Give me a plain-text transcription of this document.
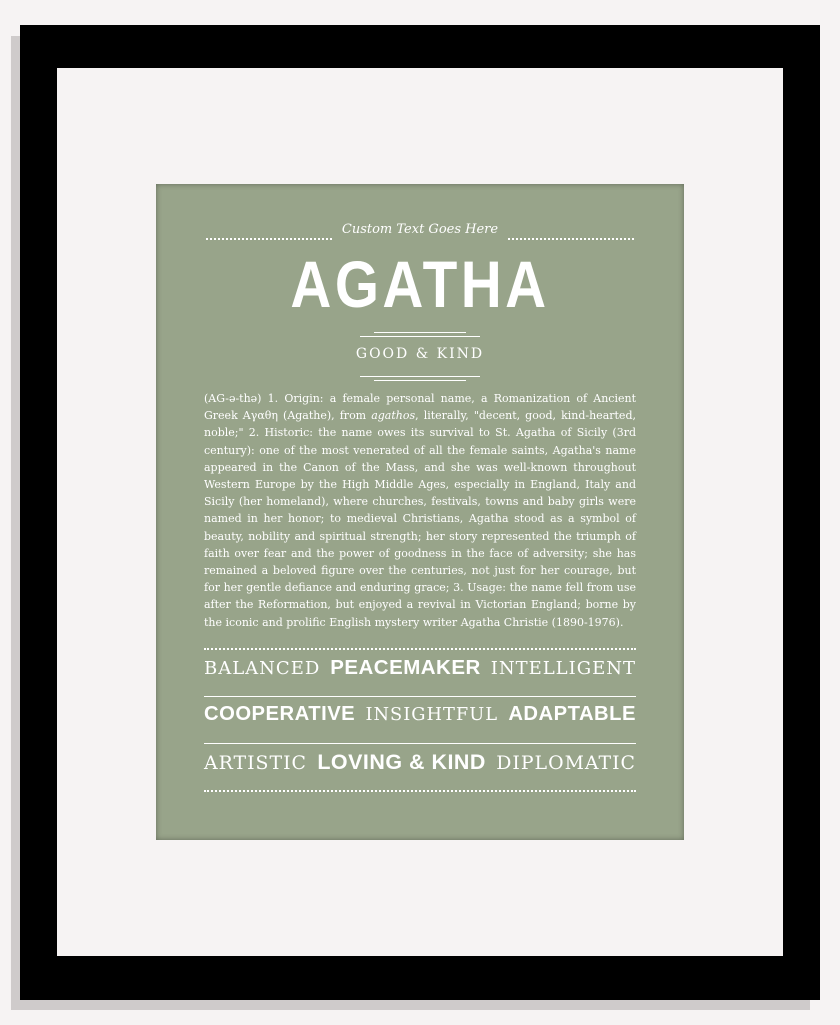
Custom Text Goes Here
AGATHA
GOOD & KIND
(AG-ə-thə) 1. Origin: a female personal name, a Romanization of Ancient Greek Αγαθη (Agathe), from agathos, literally, "decent, good, kind-hearted, noble;" 2. Historic: the name owes its survival to St. Agatha of Sicily (3rd century): one of the most venerated of all the female saints, Agatha's name appeared in the Canon of the Mass, and she was well-known throughout Western Europe by the High Middle Ages, especially in England, Italy and Sicily (her homeland), where churches, festivals, towns and baby girls were named in her honor; to medieval Christians, Agatha stood as a symbol of beauty, nobility and spiritual strength; her story represented the triumph of faith over fear and the power of goodness in the face of adversity; she has remained a beloved figure over the centuries, not just for her courage, but for her gentle defiance and enduring grace; 3. Usage: the name fell from use after the Reformation, but enjoyed a revival in Victorian England; borne by the iconic and prolific English mystery writer Agatha Christie (1890-1976).
BALANCED PEACEMAKER INTELLIGENT
COOPERATIVE INSIGHTFUL ADAPTABLE
ARTISTIC LOVING & KIND DIPLOMATIC
